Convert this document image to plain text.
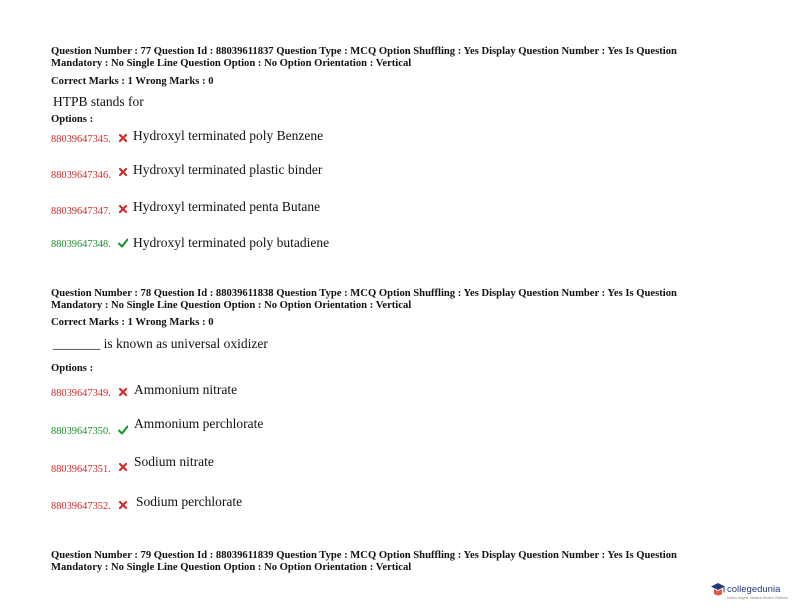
Question Number : 77 Question Id : 88039611837 Question Type : MCQ Option Shuffling : Yes Display Question Number : Yes Is Question
Mandatory : No Single Line Question Option : No Option Orientation : Vertical
Correct Marks : 1 Wrong Marks : 0
HTPB stands for
Options :
88039647345. Hydroxyl terminated poly Benzene
88039647346. Hydroxyl terminated plastic binder
88039647347. Hydroxyl terminated penta Butane
88039647348. Hydroxyl terminated poly butadiene
Question Number : 78 Question Id : 88039611838 Question Type : MCQ Option Shuffling : Yes Display Question Number : Yes Is Question
Mandatory : No Single Line Question Option : No Option Orientation : Vertical
Correct Marks : 1 Wrong Marks : 0
_______ is known as universal oxidizer
Options :
88039647349. Ammonium nitrate
88039647350.
Ammonium perchlorate
88039647351.
Sodium nitrate
88039647352. Sodium perchlorate
Question Number : 79 Question Id : 88039611839 Question Type : MCQ Option Shuffling : Yes Display Question Number : Yes Is Question
Mandatory : No Single Line Question Option : No Option Orientation : Vertical
collegedunia
India's largest Student Review Platform
